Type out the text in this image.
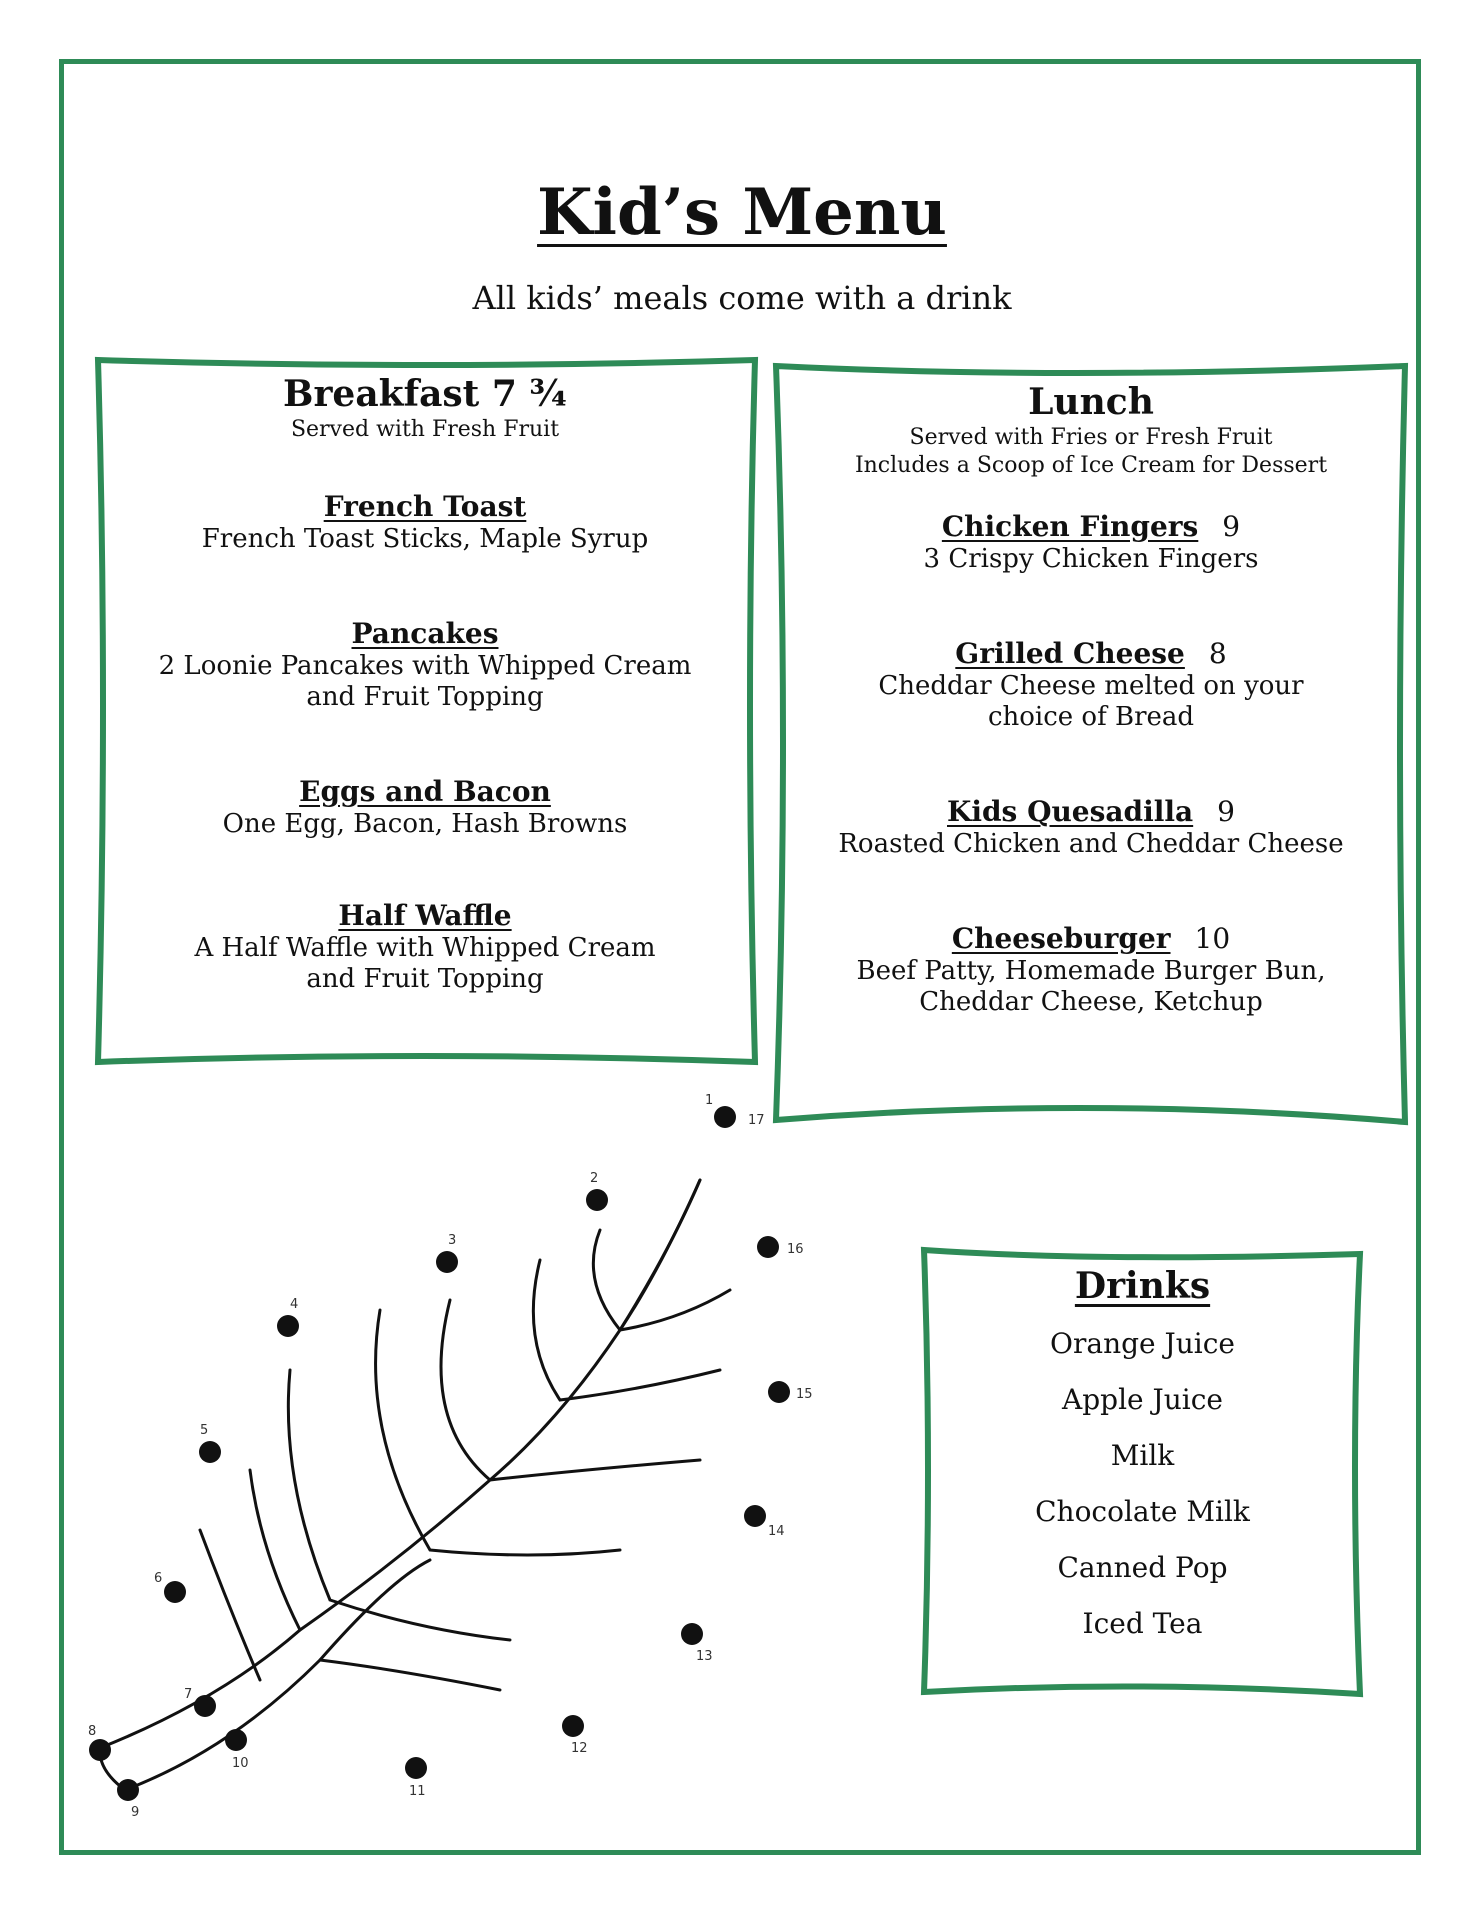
Kid’s Menu
All kids’ meals come with a drink
Breakfast 7 ¾
Served with Fresh Fruit
French Toast
French Toast Sticks, Maple Syrup
Pancakes
2 Loonie Pancakes with Whipped Cream
and Fruit Topping
Eggs and Bacon
One Egg, Bacon, Hash Browns
Half Waffle
A Half Waffle with Whipped Cream
and Fruit Topping
Lunch
Served with Fries or Fresh Fruit
Includes a Scoop of Ice Cream for Dessert
Chicken Fingers 9
3 Crispy Chicken Fingers
Grilled Cheese 8
Cheddar Cheese melted on your
choice of Bread
Kids Quesadilla 9
Roasted Chicken and Cheddar Cheese
Cheeseburger 10
Beef Patty, Homemade Burger Bun,
Cheddar Cheese, Ketchup
Drinks
Orange Juice
Apple Juice
Milk
Chocolate Milk
Canned Pop
Iced Tea
1
17
2
3
4
5
6
7
8
9
10
11
12
13
14
15
16
